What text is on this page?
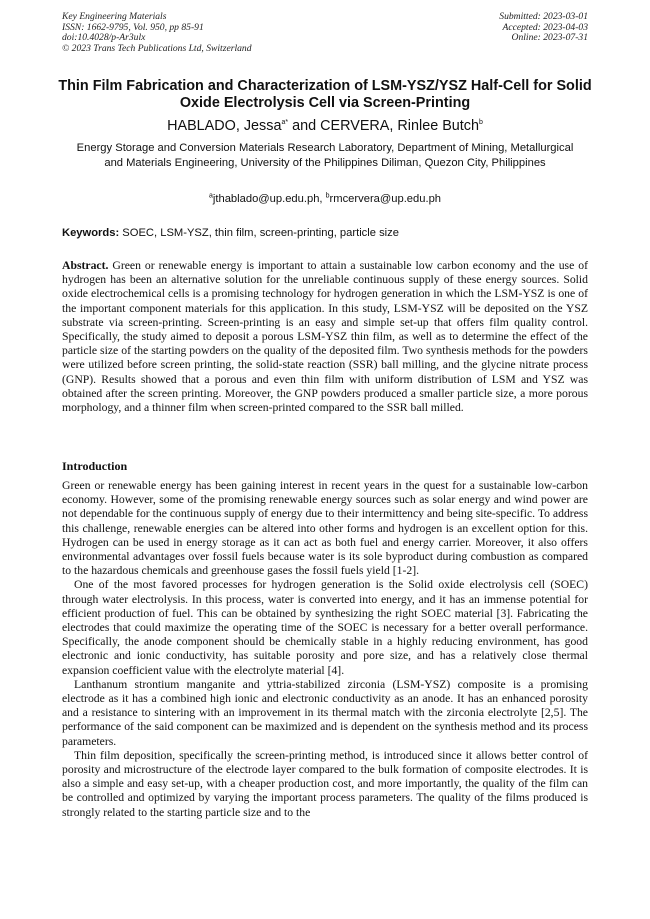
Key Engineering Materials
ISSN: 1662-9795, Vol. 950, pp 85-91
doi:10.4028/p-Ar3ulx
© 2023 Trans Tech Publications Ltd, Switzerland
Submitted: 2023-03-01
Accepted: 2023-04-03
Online: 2023-07-31
Thin Film Fabrication and Characterization of LSM-YSZ/YSZ Half-Cell for Solid Oxide Electrolysis Cell via Screen-Printing
HABLADO, Jessa$^{a*}$ and CERVERA, Rinlee Butch$^b$
Energy Storage and Conversion Materials Research Laboratory, Department of Mining, Metallurgical and Materials Engineering, University of the Philippines Diliman, Quezon City, Philippines
$^a$jthablado@up.edu.ph, $^b$rmcervera@up.edu.ph
Keywords: SOEC, LSM-YSZ, thin film, screen-printing, particle size
Abstract. Green or renewable energy is important to attain a sustainable low carbon economy and the use of hydrogen has been an alternative solution for the unreliable continuous supply of these energy sources. Solid oxide electrochemical cells is a promising technology for hydrogen generation in which the LSM-YSZ is one of the important component materials for this application. In this study, LSM-YSZ will be deposited on the YSZ substrate via screen-printing. Screen-printing is an easy and simple set-up that offers film quality control. Specifically, the study aimed to deposit a porous LSM-YSZ thin film, as well as to determine the effect of the particle size of the starting powders on the quality of the deposited film. Two synthesis methods for the powders were utilized before screen printing, the solid-state reaction (SSR) ball milling, and the glycine nitrate process (GNP). Results showed that a porous and even thin film with uniform distribution of LSM and YSZ was obtained after the screen printing. Moreover, the GNP powders produced a smaller particle size, a more porous morphology, and a thinner film when screen-printed compared to the SSR ball milled.
Introduction

Green or renewable energy has been gaining interest in recent years in the quest for a sustainable low-carbon economy. However, some of the promising renewable energy sources such as solar energy and wind power are not dependable for the continuous supply of energy due to their intermittency and being site-specific. To address this challenge, renewable energies can be altered into other forms and hydrogen is an excellent option for this. Hydrogen can be used in energy storage as it can act as both fuel and energy carrier. Moreover, it also offers environmental advantages over fossil fuels because water is its sole byproduct during combustion as compared to the hazardous chemicals and greenhouse gases the fossil fuels yield [1-2].

One of the most favored processes for hydrogen generation is the Solid oxide electrolysis cell (SOEC) through water electrolysis. In this process, water is converted into energy, and it has an immense potential for efficient production of fuel. This can be obtained by synthesizing the right SOEC material [3]. Fabricating the electrodes that could maximize the operating time of the SOEC is necessary for a better overall performance. Specifically, the anode component should be chemically stable in a highly reducing environment, has good electronic and ionic conductivity, has suitable porosity and pore size, and has a relatively close thermal expansion coefficient value with the electrolyte material [4].

Lanthanum strontium manganite and yttria-stabilized zirconia (LSM-YSZ) composite is a promising electrode as it has a combined high ionic and electronic conductivity as an anode. It has an enhanced porosity and a resistance to sintering with an improvement in its thermal match with the zirconia electrolyte [2,5]. The performance of the said component can be maximized and is dependent on the synthesis method and its process parameters.

Thin film deposition, specifically the screen-printing method, is introduced since it allows better control of porosity and microstructure of the electrode layer compared to the bulk formation of composite electrodes. It is also a simple and easy set-up, with a cheaper production cost, and more importantly, the quality of the film can be controlled and optimized by varying the important process parameters. The quality of the films produced is strongly related to the starting particle size and to the
